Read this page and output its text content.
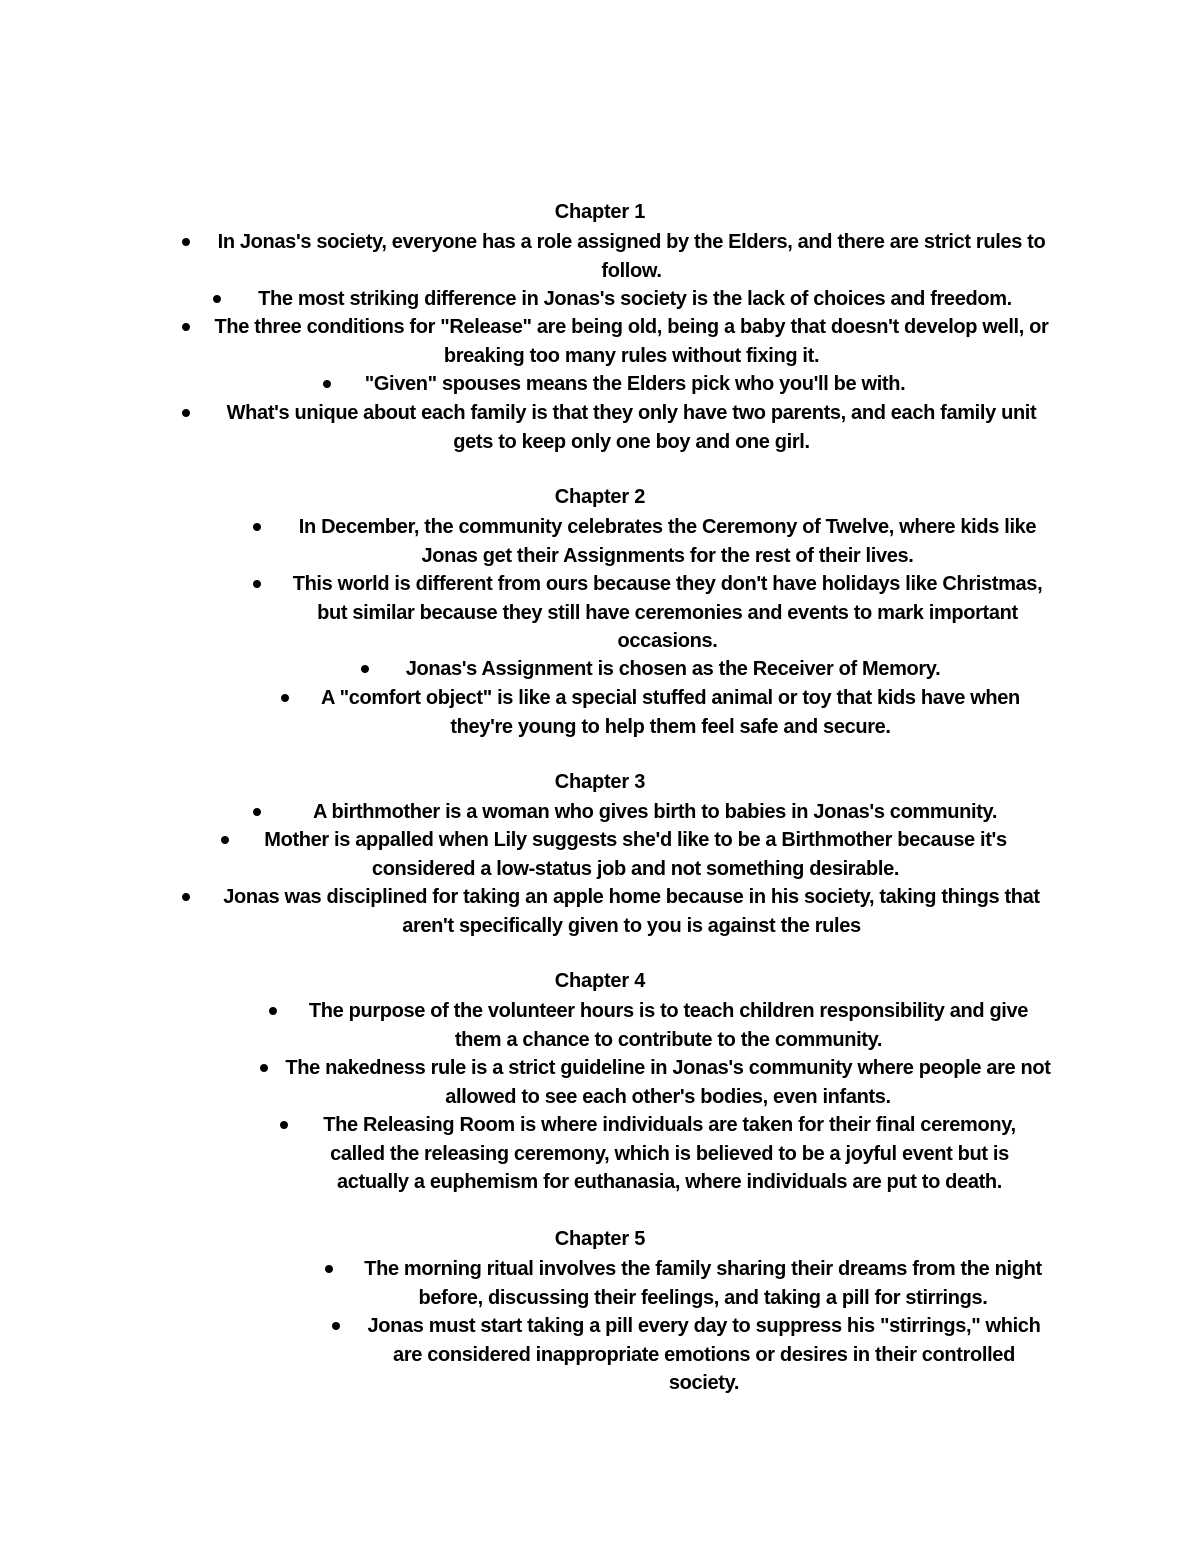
Chapter 1
In Jonas's society, everyone has a role assigned by the Elders, and there are strict rules to follow.
The most striking difference in Jonas's society is the lack of choices and freedom.
The three conditions for "Release" are being old, being a baby that doesn't develop well, or breaking too many rules without fixing it.
"Given" spouses means the Elders pick who you'll be with.
What's unique about each family is that they only have two parents, and each family unit gets to keep only one boy and one girl.
Chapter 2
In December, the community celebrates the Ceremony of Twelve, where kids like Jonas get their Assignments for the rest of their lives.
This world is different from ours because they don't have holidays like Christmas, but similar because they still have ceremonies and events to mark important occasions.
Jonas's Assignment is chosen as the Receiver of Memory.
A "comfort object" is like a special stuffed animal or toy that kids have when they're young to help them feel safe and secure.
Chapter 3
A birthmother is a woman who gives birth to babies in Jonas's community.
Mother is appalled when Lily suggests she'd like to be a Birthmother because it's considered a low-status job and not something desirable.
Jonas was disciplined for taking an apple home because in his society, taking things that aren't specifically given to you is against the rules
Chapter 4
The purpose of the volunteer hours is to teach children responsibility and give them a chance to contribute to the community.
The nakedness rule is a strict guideline in Jonas's community where people are not allowed to see each other's bodies, even infants.
The Releasing Room is where individuals are taken for their final ceremony, called the releasing ceremony, which is believed to be a joyful event but is actually a euphemism for euthanasia, where individuals are put to death.
Chapter 5
The morning ritual involves the family sharing their dreams from the night before, discussing their feelings, and taking a pill for stirrings.
Jonas must start taking a pill every day to suppress his "stirrings," which are considered inappropriate emotions or desires in their controlled society.
